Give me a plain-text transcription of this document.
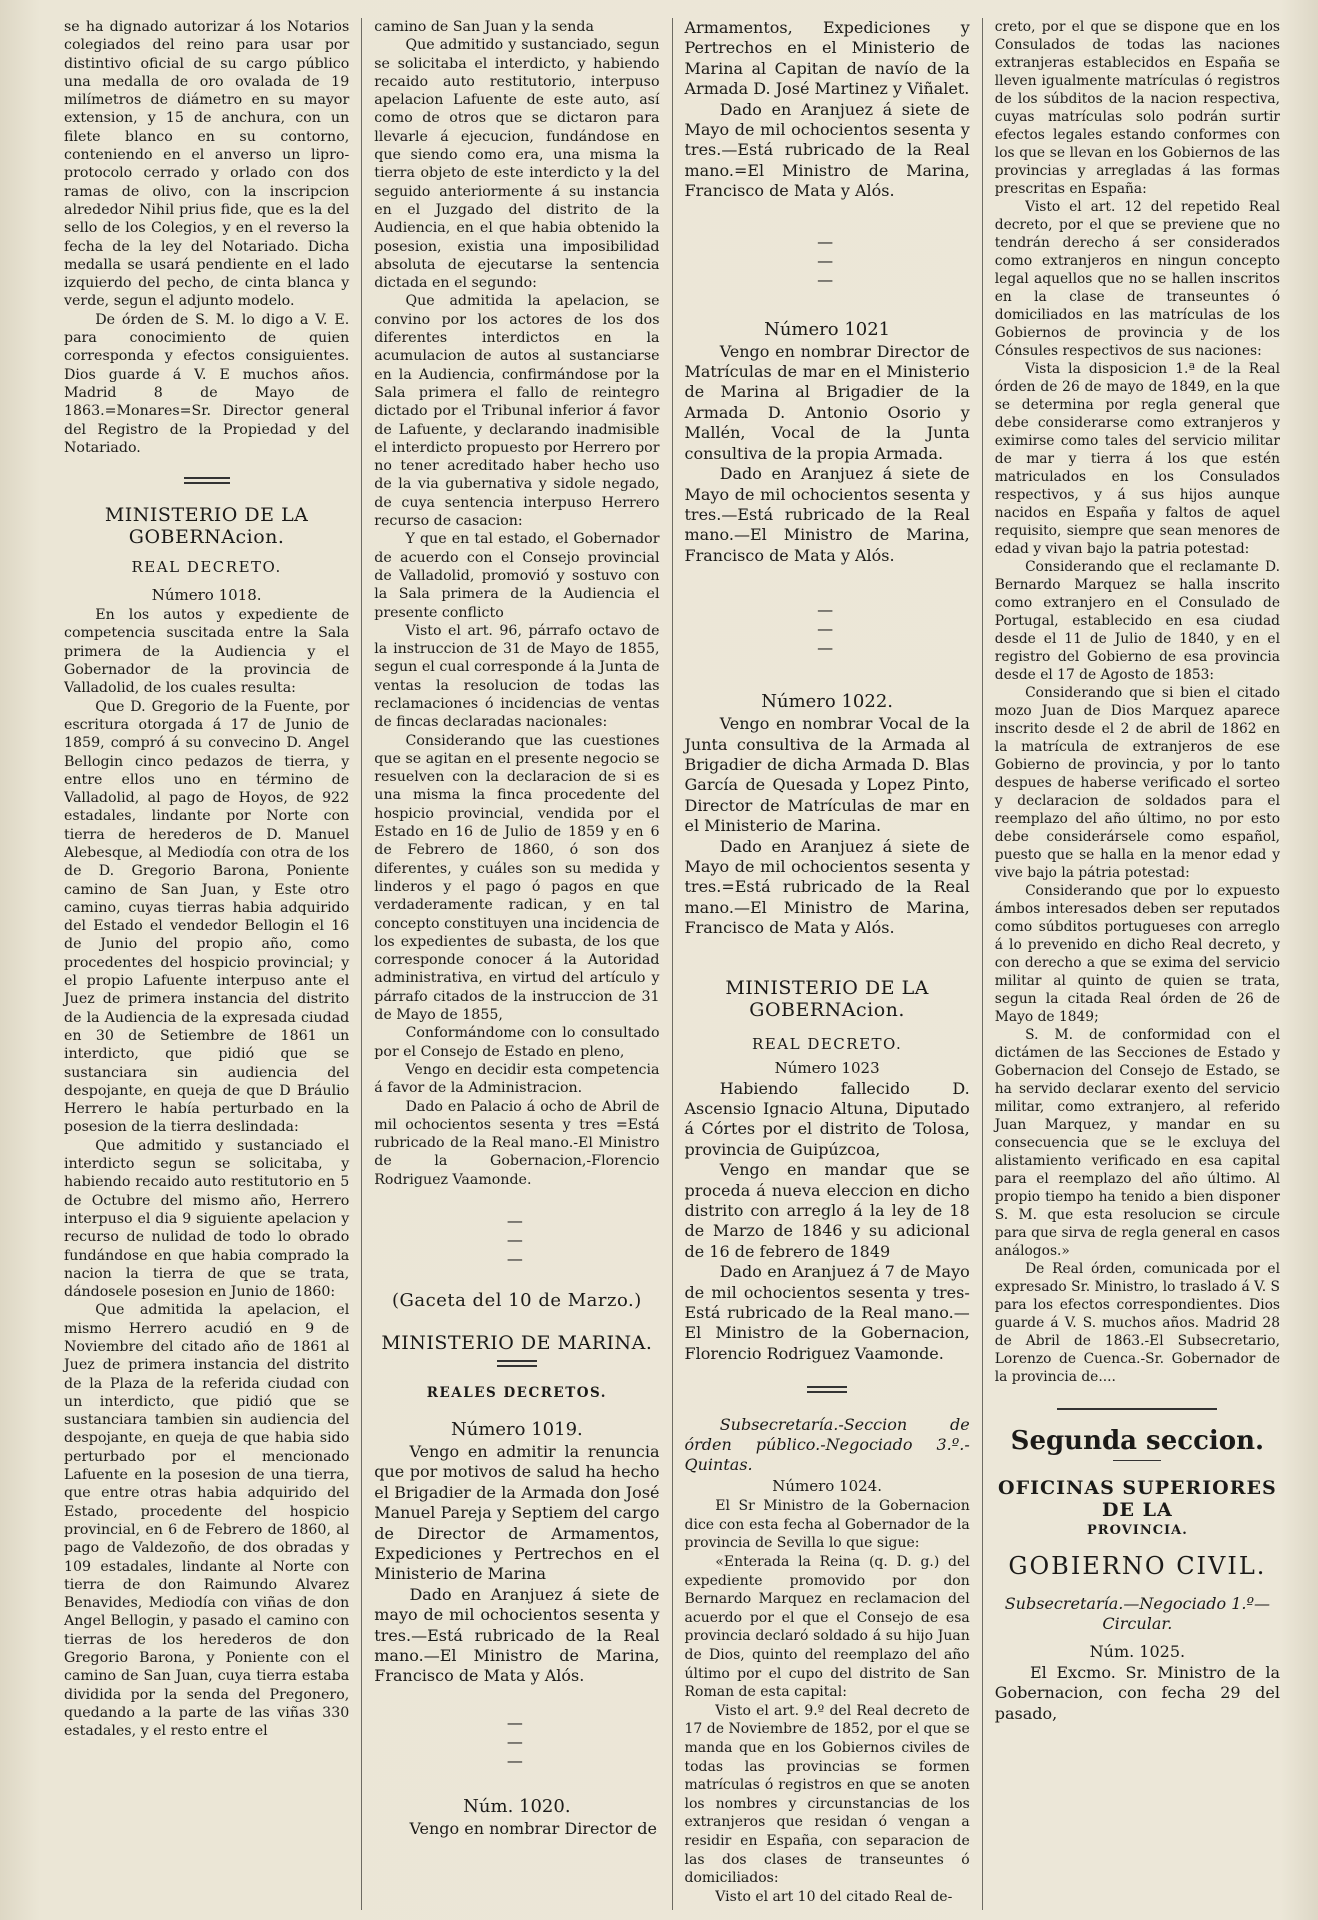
se ha dignado autorizar á los Notarios colegiados del reino para usar por distintivo oficial de su cargo público una medalla de oro ovalada de 19 milímetros de diámetro en su mayor extension, y 15 de anchura, con un filete blanco en su contorno, conteniendo en el anverso un lipro-protocolo cerrado y orlado con dos ramas de olivo, con la inscripcion alrededor Nihil prius fide, que es la del sello de los Colegios, y en el reverso la fecha de la ley del Notariado. Dicha medalla se usará pendiente en el lado izquierdo del pecho, de cinta blanca y verde, segun el adjunto modelo.

De órden de S. M. lo digo a V. E. para conocimiento de quien corresponda y efectos consiguientes. Dios guarde á V. E muchos años. Madrid 8 de Mayo de 1863.=Monares=Sr. Director general del Registro de la Propiedad y del Notariado.

MINISTERIO DE LA GOBERNAcion.
REAL DECRETO.
Número 1018.

En los autos y expediente de competencia suscitada entre la Sala primera de la Audiencia y el Gobernador de la provincia de Valladolid, de los cuales resulta:

Que D. Gregorio de la Fuente, por escritura otorgada á 17 de Junio de 1859, compró á su convecino D. Angel Bellogin cinco pedazos de tierra, y entre ellos uno en término de Valladolid, al pago de Hoyos, de 922 estadales, lindante por Norte con tierra de herederos de D. Manuel Alebesque, al Mediodía con otra de los de D. Gregorio Barona, Poniente camino de San Juan, y Este otro camino, cuyas tierras habia adquirido del Estado el vendedor Bellogin el 16 de Junio del propio año, como procedentes del hospicio provincial; y el propio Lafuente interpuso ante el Juez de primera instancia del distrito de la Audiencia de la expresada ciudad en 30 de Setiembre de 1861 un interdicto, que pidió que se sustanciara sin audiencia del despojante, en queja de que D Bráulio Herrero le había perturbado en la posesion de la tierra deslindada:

Que admitido y sustanciado el interdicto segun se solicitaba, y habiendo recaido auto restitutorio en 5 de Octubre del mismo año, Herrero interpuso el dia 9 siguiente apelacion y recurso de nulidad de todo lo obrado fundándose en que habia comprado la nacion la tierra de que se trata, dándosele posesion en Junio de 1860:

Que admitida la apelacion, el mismo Herrero acudió en 9 de Noviembre del citado año de 1861 al Juez de primera instancia del distrito de la Plaza de la referida ciudad con un interdicto, que pidió que se sustanciara tambien sin audiencia del despojante, en queja de que habia sido perturbado por el mencionado Lafuente en la posesion de una tierra, que entre otras habia adquirido del Estado, procedente del hospicio provincial, en 6 de Febrero de 1860, al pago de Valdezoño, de dos obradas y 109 estadales, lindante al Norte con tierra de don Raimundo Alvarez Benavides, Mediodía con viñas de don Angel Bellogin, y pasado el camino con tierras de los herederos de don Gregorio Barona, y Poniente con el camino de San Juan, cuya tierra estaba dividida por la senda del Pregonero, quedando a la parte de las viñas 330 estadales, y el resto entre el

camino de San Juan y la senda

Que admitido y sustanciado, segun se solicitaba el interdicto, y habiendo recaido auto restitutorio, interpuso apelacion Lafuente de este auto, así como de otros que se dictaron para llevarle á ejecucion, fundándose en que siendo como era, una misma la tierra objeto de este interdicto y la del seguido anteriormente á su instancia en el Juzgado del distrito de la Audiencia, en el que habia obtenido la posesion, existia una imposibilidad absoluta de ejecutarse la sentencia dictada en el segundo:

Que admitida la apelacion, se convino por los actores de los dos diferentes interdictos en la acumulacion de autos al sustanciarse en la Audiencia, confirmándose por la Sala primera el fallo de reintegro dictado por el Tribunal inferior á favor de Lafuente, y declarando inadmisible el interdicto propuesto por Herrero por no tener acreditado haber hecho uso de la via gubernativa y sidole negado, de cuya sentencia interpuso Herrero recurso de casacion:

Y que en tal estado, el Gobernador de acuerdo con el Consejo provincial de Valladolid, promovió y sostuvo con la Sala primera de la Audiencia el presente conflicto

Visto el art. 96, párrafo octavo de la instruccion de 31 de Mayo de 1855, segun el cual corresponde á la Junta de ventas la resolucion de todas las reclamaciones ó incidencias de ventas de fincas declaradas nacionales:

Considerando que las cuestiones que se agitan en el presente negocio se resuelven con la declaracion de si es una misma la finca procedente del hospicio provincial, vendida por el Estado en 16 de Julio de 1859 y en 6 de Febrero de 1860, ó son dos diferentes, y cuáles son su medida y linderos y el pago ó pagos en que verdaderamente radican, y en tal concepto constituyen una incidencia de los expedientes de subasta, de los que corresponde conocer á la Autoridad administrativa, en virtud del artículo y párrafo citados de la instruccion de 31 de Mayo de 1855,

Conformándome con lo consultado por el Consejo de Estado en pleno,

Vengo en decidir esta competencia á favor de la Administracion.

Dado en Palacio á ocho de Abril de mil ochocientos sesenta y tres =Está rubricado de la Real mano.-El Ministro de la Gobernacion,-Florencio Rodriguez Vaamonde.

— — —
(Gaceta del 10 de Marzo.)
MINISTERIO DE MARINA.
REALES DECRETOS.
Número 1019.

Vengo en admitir la renuncia que por motivos de salud ha hecho el Brigadier de la Armada don José Manuel Pareja y Septiem del cargo de Director de Armamentos, Expediciones y Pertrechos en el Ministerio de Marina

Dado en Aranjuez á siete de mayo de mil ochocientos sesenta y tres.—Está rubricado de la Real mano.—El Ministro de Marina, Francisco de Mata y Alós.

— — —
Núm. 1020.

Vengo en nombrar Director de

Armamentos, Expediciones y Pertrechos en el Ministerio de Marina al Capitan de navío de la Armada D. José Martinez y Viñalet.

Dado en Aranjuez á siete de Mayo de mil ochocientos sesenta y tres.—Está rubricado de la Real mano.=El Ministro de Marina, Francisco de Mata y Alós.

— — —
Número 1021

Vengo en nombrar Director de Matrículas de mar en el Ministerio de Marina al Brigadier de la Armada D. Antonio Osorio y Mallén, Vocal de la Junta consultiva de la propia Armada.

Dado en Aranjuez á siete de Mayo de mil ochocientos sesenta y tres.—Está rubricado de la Real mano.—El Ministro de Marina, Francisco de Mata y Alós.

— — —
Número 1022.

Vengo en nombrar Vocal de la Junta consultiva de la Armada al Brigadier de dicha Armada D. Blas García de Quesada y Lopez Pinto, Director de Matrículas de mar en el Ministerio de Marina.

Dado en Aranjuez á siete de Mayo de mil ochocientos sesenta y tres.=Está rubricado de la Real mano.—El Ministro de Marina, Francisco de Mata y Alós.

MINISTERIO DE LA GOBERNAcion.
REAL DECRETO.
Número 1023

Habiendo fallecido D. Ascensio Ignacio Altuna, Diputado á Córtes por el distrito de Tolosa, provincia de Guipúzcoa,

Vengo en mandar que se proceda á nueva eleccion en dicho distrito con arreglo á la ley de 18 de Marzo de 1846 y su adicional de 16 de febrero de 1849

Dado en Aranjuez á 7 de Mayo de mil ochocientos sesenta y tres-Está rubricado de la Real mano.—El Ministro de la Gobernacion, Florencio Rodriguez Vaamonde.

Subsecretaría.-Seccion de órden público.-Negociado 3.º.-Quintas.
Número 1024.

El Sr Ministro de la Gobernacion dice con esta fecha al Gobernador de la provincia de Sevilla lo que sigue:

«Enterada la Reina (q. D. g.) del expediente promovido por don Bernardo Marquez en reclamacion del acuerdo por el que el Consejo de esa provincia declaró soldado á su hijo Juan de Dios, quinto del reemplazo del año último por el cupo del distrito de San Roman de esta capital:

Visto el art. 9.º del Real decreto de 17 de Noviembre de 1852, por el que se manda que en los Gobiernos civiles de todas las provincias se formen matrículas ó registros en que se anoten los nombres y circunstancias de los extranjeros que residan ó vengan a residir en España, con separacion de las dos clases de transeuntes ó domiciliados:

Visto el art 10 del citado Real de-

creto, por el que se dispone que en los Consulados de todas las naciones extranjeras establecidos en España se lleven igualmente matrículas ó registros de los súbditos de la nacion respectiva, cuyas matrículas solo podrán surtir efectos legales estando conformes con los que se llevan en los Gobiernos de las provincias y arregladas á las formas prescritas en España:

Visto el art. 12 del repetido Real decreto, por el que se previene que no tendrán derecho á ser considerados como extranjeros en ningun concepto legal aquellos que no se hallen inscritos en la clase de transeuntes ó domiciliados en las matrículas de los Gobiernos de provincia y de los Cónsules respectivos de sus naciones:

Vista la disposicion 1.ª de la Real órden de 26 de mayo de 1849, en la que se determina por regla general que debe considerarse como extranjeros y eximirse como tales del servicio militar de mar y tierra á los que estén matriculados en los Consulados respectivos, y á sus hijos aunque nacidos en España y faltos de aquel requisito, siempre que sean menores de edad y vivan bajo la patria potestad:

Considerando que el reclamante D. Bernardo Marquez se halla inscrito como extranjero en el Consulado de Portugal, establecido en esa ciudad desde el 11 de Julio de 1840, y en el registro del Gobierno de esa provincia desde el 17 de Agosto de 1853:

Considerando que si bien el citado mozo Juan de Dios Marquez aparece inscrito desde el 2 de abril de 1862 en la matrícula de extranjeros de ese Gobierno de provincia, y por lo tanto despues de haberse verificado el sorteo y declaracion de soldados para el reemplazo del año último, no por esto debe considerársele como español, puesto que se halla en la menor edad y vive bajo la pátria potestad:

Considerando que por lo expuesto ámbos interesados deben ser reputados como súbditos portugueses con arreglo á lo prevenido en dicho Real decreto, y con derecho a que se exima del servicio militar al quinto de quien se trata, segun la citada Real órden de 26 de Mayo de 1849;

S. M. de conformidad con el dictámen de las Secciones de Estado y Gobernacion del Consejo de Estado, se ha servido declarar exento del servicio militar, como extranjero, al referido Juan Marquez, y mandar en su consecuencia que se le excluya del alistamiento verificado en esa capital para el reemplazo del año último. Al propio tiempo ha tenido a bien disponer S. M. que esta resolucion se circule para que sirva de regla general en casos análogos.»

De Real órden, comunicada por el expresado Sr. Ministro, lo traslado á V. S para los efectos correspondientes. Dios guarde á V. S. muchos años. Madrid 28 de Abril de 1863.-El Subsecretario, Lorenzo de Cuenca.-Sr. Gobernador de la provincia de....

Segunda seccion.
OFICINAS SUPERIORES DE LA
PROVINCIA.
GOBIERNO CIVIL.
Subsecretaría.—Negociado 1.º— Circular.
Núm. 1025.

El Excmo. Sr. Ministro de la Gobernacion, con fecha 29 del pasado,
